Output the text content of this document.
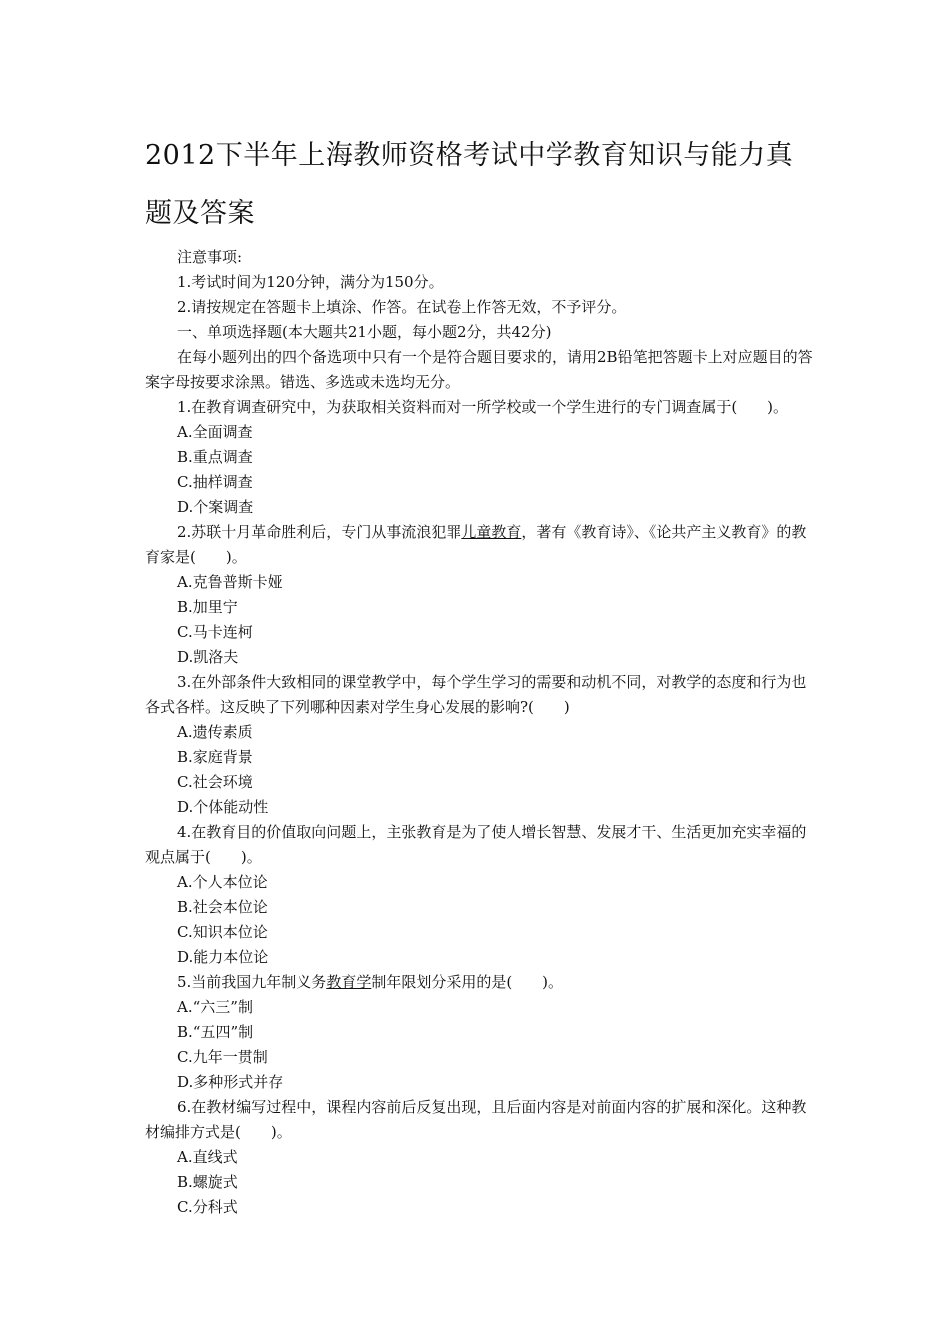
2012下半年上海教师资格考试中学教育知识与能力真题及答案

注意事项:

1.考试时间为120分钟，满分为150分。

2.请按规定在答题卡上填涂、作答。在试卷上作答无效，不予评分。

一、单项选择题(本大题共21小题，每小题2分，共42分)

在每小题列出的四个备选项中只有一个是符合题目要求的，请用2B铅笔把答题卡上对应题目的答案字母按要求涂黑。错选、多选或未选均无分。

1.在教育调查研究中，为获取相关资料而对一所学校或一个学生进行的专门调查属于(　　)。

A.全面调查

B.重点调查

C.抽样调查

D.个案调查

2.苏联十月革命胜利后，专门从事流浪犯罪儿童教育，著有《教育诗》、《论共产主义教育》的教育家是(　　)。

A.克鲁普斯卡娅

B.加里宁

C.马卡连柯

D.凯洛夫

3.在外部条件大致相同的课堂教学中，每个学生学习的需要和动机不同，对教学的态度和行为也各式各样。这反映了下列哪种因素对学生身心发展的影响?(　　)

A.遗传素质

B.家庭背景

C.社会环境

D.个体能动性

4.在教育目的价值取向问题上，主张教育是为了使人增长智慧、发展才干、生活更加充实幸福的观点属于(　　)。

A.个人本位论

B.社会本位论

C.知识本位论

D.能力本位论

5.当前我国九年制义务教育学制年限划分采用的是(　　)。

A.“六三”制

B.“五四”制

C.九年一贯制

D.多种形式并存

6.在教材编写过程中，课程内容前后反复出现，且后面内容是对前面内容的扩展和深化。这种教材编排方式是(　　)。

A.直线式

B.螺旋式

C.分科式
